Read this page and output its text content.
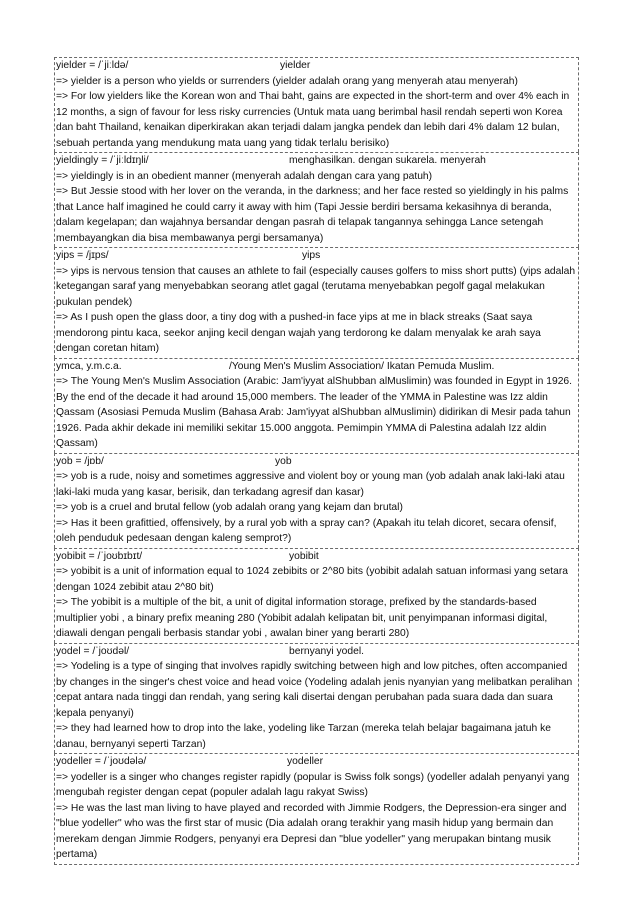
yielder = /ˈjiːldə/	yielder

=> yielder is a person who yields or surrenders (yielder adalah orang yang menyerah atau menyerah)

=> For low yielders like the Korean won and Thai baht, gains are expected in the short-term and over 4% each in 12 months, a sign of favour for less risky currencies (Untuk mata uang berimbal hasil rendah seperti won Korea dan baht Thailand, kenaikan diperkirakan akan terjadi dalam jangka pendek dan lebih dari 4% dalam 12 bulan, sebuah pertanda yang mendukung mata uang yang tidak terlalu berisiko)

yieldingly = /ˈjiːldɪŋli/	menghasilkan. dengan sukarela. menyerah

=> yieldingly is in an obedient manner (menyerah adalah dengan cara yang patuh)

=> But Jessie stood with her lover on the veranda, in the darkness; and her face rested so yieldingly in his palms that Lance half imagined he could carry it away with him (Tapi Jessie berdiri bersama kekasihnya di beranda, dalam kegelapan; dan wajahnya bersandar dengan pasrah di telapak tangannya sehingga Lance setengah membayangkan dia bisa membawanya pergi bersamanya)

yips = /jɪps/	yips

=> yips is nervous tension that causes an athlete to fail (especially causes golfers to miss short putts) (yips adalah ketegangan saraf yang menyebabkan seorang atlet gagal (terutama menyebabkan pegolf gagal melakukan pukulan pendek)

=> As I push open the glass door, a tiny dog with a pushed-in face yips at me in black streaks (Saat saya mendorong pintu kaca, seekor anjing kecil dengan wajah yang terdorong ke dalam menyalak ke arah saya dengan coretan hitam)

ymca, y.m.c.a.	/Young Men's Muslim Association/ Ikatan Pemuda Muslim.

=> The Young Men's Muslim Association (Arabic: Jam'iyyat alShubban alMuslimin) was founded in Egypt in 1926. By the end of the decade it had around 15,000 members. The leader of the YMMA in Palestine was Izz aldin Qassam (Asosiasi Pemuda Muslim (Bahasa Arab: Jam'iyyat alShubban alMuslimin) didirikan di Mesir pada tahun 1926. Pada akhir dekade ini memiliki sekitar 15.000 anggota. Pemimpin YMMA di Palestina adalah Izz aldin Qassam)

yob = /jɒb/	yob

=> yob is a rude, noisy and sometimes aggressive and violent boy or young man (yob adalah anak laki-laki atau laki-laki muda yang kasar, berisik, dan terkadang agresif dan kasar)

=> yob is a cruel and brutal fellow (yob adalah orang yang kejam dan brutal)

=> Has it been grafittied, offensively, by a rural yob with a spray can? (Apakah itu telah dicoret, secara ofensif, oleh penduduk pedesaan dengan kaleng semprot?)

yobibit = /ˈjoʊbɪbɪt/	yobibit

=> yobibit is a unit of information equal to 1024 zebibits or 2^80 bits (yobibit adalah satuan informasi yang setara dengan 1024 zebibit atau 2^80 bit)

=> The yobibit is a multiple of the bit, a unit of digital information storage, prefixed by the standards-based multiplier yobi , a binary prefix meaning 280 (Yobibit adalah kelipatan bit, unit penyimpanan informasi digital, diawali dengan pengali berbasis standar yobi , awalan biner yang berarti 280)

yodel = /ˈjoʊdəl/	bernyanyi yodel.

=> Yodeling is a type of singing that involves rapidly switching between high and low pitches, often accompanied by changes in the singer's chest voice and head voice (Yodeling adalah jenis nyanyian yang melibatkan peralihan cepat antara nada tinggi dan rendah, yang sering kali disertai dengan perubahan pada suara dada dan suara kepala penyanyi)

=> they had learned how to drop into the lake, yodeling like Tarzan (mereka telah belajar bagaimana jatuh ke danau, bernyanyi seperti Tarzan)

yodeller = /ˈjoʊdələ/	yodeller

=> yodeller is a singer who changes register rapidly (popular is Swiss folk songs) (yodeller adalah penyanyi yang mengubah register dengan cepat (populer adalah lagu rakyat Swiss)

=> He was the last man living to have played and recorded with Jimmie Rodgers, the Depression-era singer and "blue yodeller" who was the first star of music (Dia adalah orang terakhir yang masih hidup yang bermain dan merekam dengan Jimmie Rodgers, penyanyi era Depresi dan "blue yodeller" yang merupakan bintang musik pertama)
